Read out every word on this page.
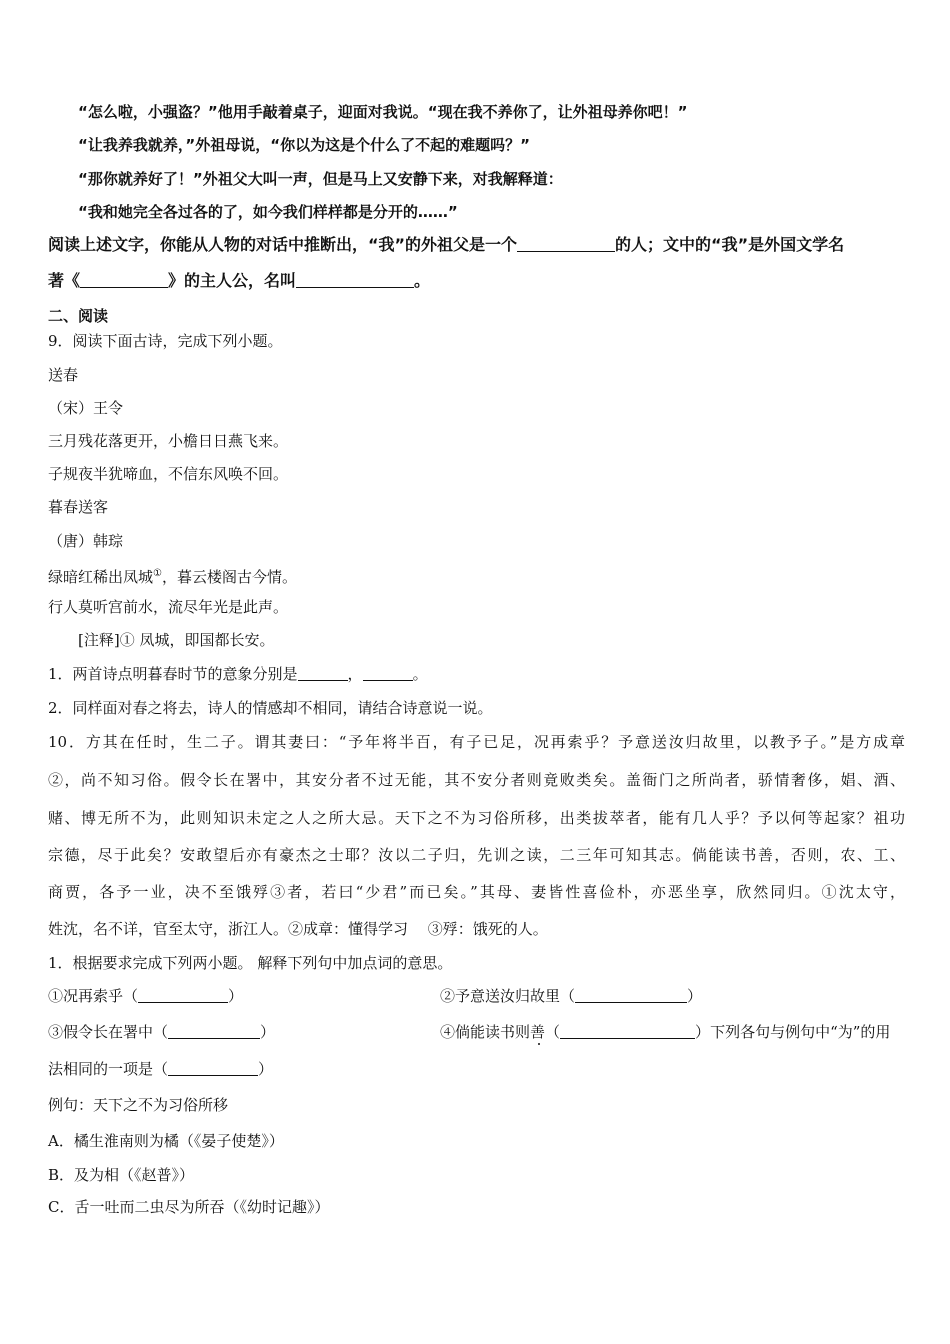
“怎么啦，小强盗？”他用手敲着桌子，迎面对我说。“现在我不养你了，让外祖母养你吧！”
“让我养我就养，”外祖母说，“你以为这是个什么了不起的难题吗？”
“那你就养好了！”外祖父大叫一声，但是马上又安静下来，对我解释道：
“我和她完全各过各的了，如今我们样样都是分开的……”
阅读上述文字，你能从人物的对话中推断出，“我”的外祖父是一个	的人；文中的“我”是外国文学名
著《	》的主人公，名叫	。
二、阅读
9．阅读下面古诗，完成下列小题。
送春
（宋）王令
三月残花落更开，小檐日日燕飞来。
子规夜半犹啼血，不信东风唤不回。
暮春送客
（唐）韩琮
绿暗红稀出凤城①，暮云楼阁古今情。
行人莫听宫前水，流尽年光是此声。
[注释]① 凤城，即国都长安。
1．两首诗点明暮春时节的意象分别是	，	。
2．同样面对春之将去，诗人的情感却不相同，请结合诗意说一说。
10．方其在任时，生二子。谓其妻曰：“予年将半百，有子已足，况再索乎？予意送汝归故里，以教予子。”是方成章
②，尚不知习俗。假令长在署中，其安分者不过无能，其不安分者则竟败类矣。盖衙门之所尚者，骄情奢侈，娼、酒、
赌、博无所不为，此则知识未定之人之所大忌。天下之不为习俗所移，出类拔萃者，能有几人乎？予以何等起家？祖功
宗德，尽于此矣？安敢望后亦有豪杰之士耶？汝以二子归，先训之读，二三年可知其志。倘能读书善，否则，农、工、
商贾，各予一业，决不至饿殍③者，若曰“少君”而已矣。”其母、妻皆性喜俭朴，亦恶坐享，欣然同归。①沈太守，
姓沈，名不详，官至太守，浙江人。②成章：懂得学习　 ③殍：饿死的人。
1．根据要求完成下列两小题。 解释下列句中加点词的意思。
①况再索乎（	）	②予意送汝归故里（	）
③假令长在署中（	）	④倘能读书则善（	）下列各句与例句中“为”的用
法相同的一项是（	）
例句：天下之不为习俗所移
A．橘生淮南则为橘（《晏子使楚》）
B．及为相（《赵普》）
C．舌一吐而二虫尽为所吞（《幼时记趣》）
